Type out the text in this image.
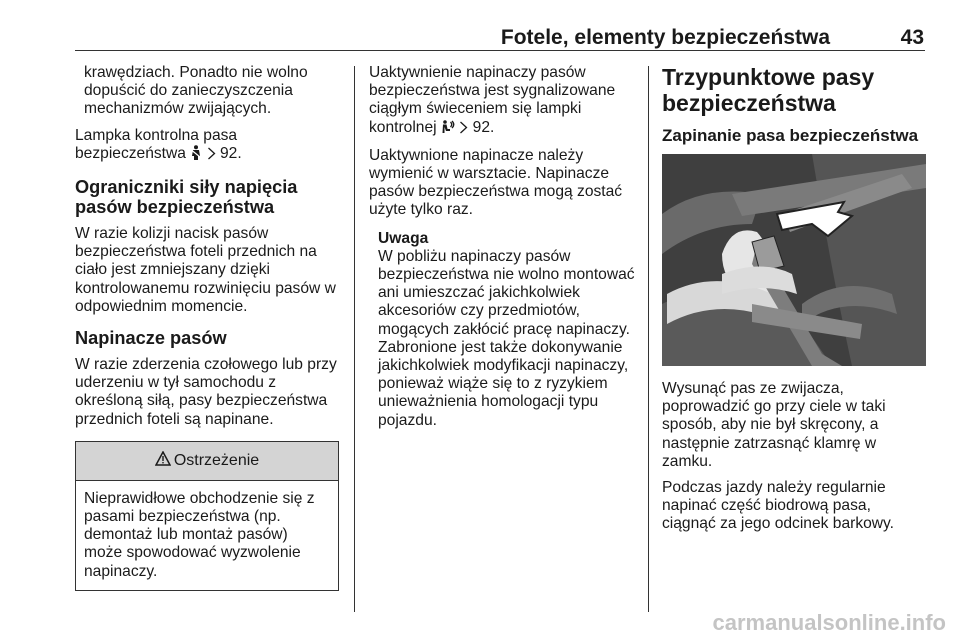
Fotele, elementy bezpieczeństwa	43

krawędziach. Ponadto nie wolno dopuścić do zanieczyszczenia mechanizmów zwijających.

Lampka kontrolna pasa bezpieczeństwa 92.

Ograniczniki siły napięcia pasów bezpieczeństwa

W razie kolizji nacisk pasów bezpieczeństwa foteli przednich na ciało jest zmniejszany dzięki kontrolowanemu rozwinięciu pasów w odpowiednim momencie.

Napinacze pasów

W razie zderzenia czołowego lub przy uderzeniu w tył samochodu z określoną siłą, pasy bezpieczeństwa przednich foteli są napinane.

Ostrzeżenie

Nieprawidłowe obchodzenie się z pasami bezpieczeństwa (np. demontaż lub montaż pasów) może spowodować wyzwolenie napinaczy.

Uaktywnienie napinaczy pasów bezpieczeństwa jest sygnalizowane ciągłym świeceniem się lampki kontrolnej 92.

Uaktywnione napinacze należy wymienić w warsztacie. Napinacze pasów bezpieczeństwa mogą zostać użyte tylko raz.

Uwaga

W pobliżu napinaczy pasów bezpieczeństwa nie wolno montować ani umieszczać jakichkolwiek akcesoriów czy przedmiotów, mogących zakłócić pracę napinaczy. Zabronione jest także dokonywanie jakichkolwiek modyfikacji napinaczy, ponieważ wiąże się to z ryzykiem unieważnienia homologacji typu pojazdu.

Trzypunktowe pasy bezpieczeństwa
Zapinanie pasa bezpieczeństwa

Wysunąć pas ze zwijacza, poprowadzić go przy ciele w taki sposób, aby nie był skręcony, a następnie zatrzasnąć klamrę w zamku.

Podczas jazdy należy regularnie napinać część biodrową pasa, ciągnąć za jego odcinek barkowy.

carmanualsonline.info
